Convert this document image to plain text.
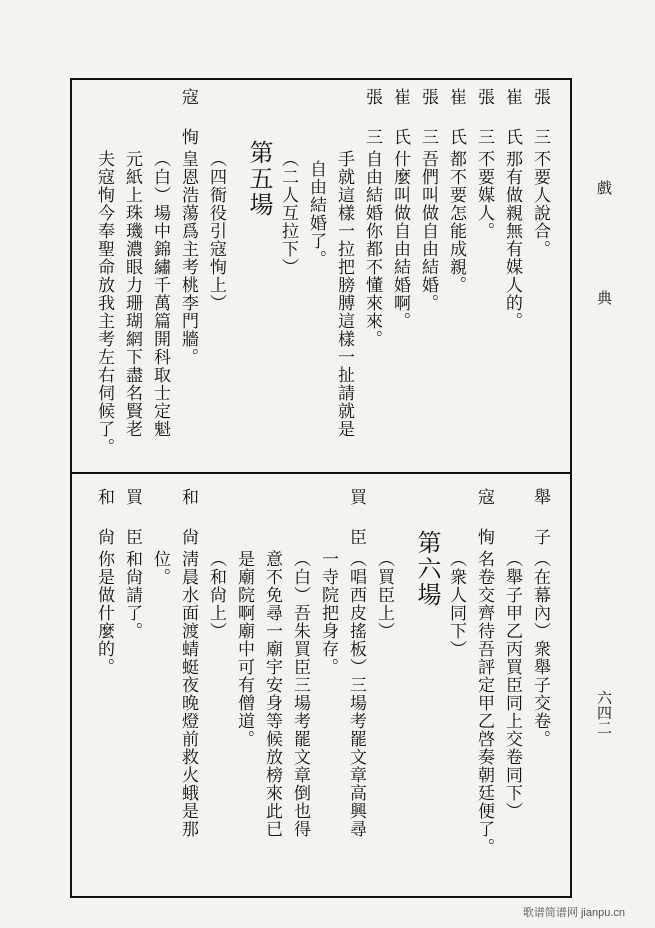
戲
典
六四二
歌谱简谱网 jianpu.cn
張
三
不要人說合。
崔
氏
那有做親無有媒人的。
張
三
不要媒人。
崔
氏
都不要怎能成親。
張
三
吾們叫做自由結婚。
崔
氏
什麼叫做自由結婚啊。
張
三
自由結婚你都不懂來來。
手就這樣一拉把膀膊這樣一扯請就是
自由結婚了。
（二人互拉下）
第五場
（四衙役引寇恂上）
寇
恂
皇恩浩蕩爲主考桃李門牆。
（白）場中錦繡千萬篇開科取士定魁
元紙上珠璣濃眼力珊瑚網下盡名賢老
夫寇恂今奉聖命放我主考左右伺候了。
舉
子
（在幕內）衆舉子交卷。
（舉子甲乙丙買臣同上交卷同下）
寇
恂
名卷交齊待吾評定甲乙啓奏朝廷便了。
（衆人同下）
第六場
（買臣上）
買
臣
（唱西皮搖板）三場考罷文章高興尋
一寺院把身存。
（白）吾朱買臣三場考罷文章倒也得
意不免尋一廟宇安身等候放榜來此已
是廟院啊廟中可有僧道。
（和尙上）
和
尙
淸晨水面渡蜻蜓夜晚燈前救火蛾是那
位。
買
臣
和尙請了。
和
尙
你是做什麼的。
